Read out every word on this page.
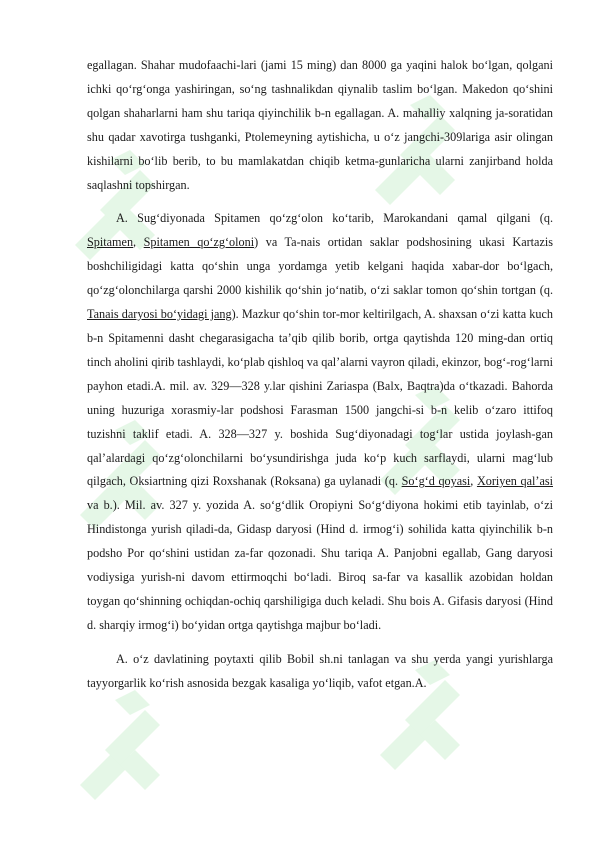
egallagan. Shahar mudofaachi-lari (jami 15 ming) dan 8000 ga yaqini halok bo‘lgan, qolgani ichki qo‘rg‘onga yashiringan, so‘ng tashnalikdan qiynalib taslim bo‘lgan. Makedon qo‘shini qolgan shaharlarni ham shu tariqa qiyinchilik b-n egallagan. A. mahalliy xalqning ja-soratidan shu qadar xavotirga tushganki, Ptolemeyning aytishicha, u o‘z jangchi-309lariga asir olingan kishilarni bo‘lib berib, to bu mamlakatdan chiqib ketma-gunlaricha ularni zanjirband holda saqlashni topshirgan.

A. Sug‘diyonada Spitamen qo‘zg‘olon ko‘tarib, Marokandani qamal qilgani (q. Spitamen, Spitamen qo‘zg‘oloni) va Ta-nais ortidan saklar podshosining ukasi Kartazis boshchiligidagi katta qo‘shin unga yordamga yetib kelgani haqida xabar-dor bo‘lgach, qo‘zg‘olonchilarga qarshi 2000 kishilik qo‘shin jo‘natib, o‘zi saklar tomon qo‘shin tortgan (q. Tanais daryosi bo‘yidagi jang). Mazkur qo‘shin tor-mor keltirilgach, A. shaxsan o‘zi katta kuch b-n Spitamenni dasht chegarasigacha ta’qib qilib borib, ortga qaytishda 120 ming-dan ortiq tinch aholini qirib tashlaydi, ko‘plab qishloq va qal’alarni vayron qiladi, ekinzor, bog‘-rog‘larni payhon etadi.A. mil. av. 329—328 y.lar qishini Zariaspa (Balx, Baqtra)da o‘tkazadi. Bahorda uning huzuriga xorasmiy-lar podshosi Farasman 1500 jangchi-si b-n kelib o‘zaro ittifoq tuzishni taklif etadi. A. 328—327 y. boshida Sug‘diyonadagi tog‘lar ustida joylash-gan qal’alardagi qo‘zg‘olonchilarni bo‘ysundirishga juda ko‘p kuch sarflaydi, ularni mag‘lub qilgach, Oksiartning qizi Roxshanak (Roksana) ga uylanadi (q. So‘g‘d qoyasi, Xoriyen qal’asi va b.). Mil. av. 327 y. yozida A. so‘g‘dlik Oropiyni So‘g‘diyona hokimi etib tayinlab, o‘zi Hindistonga yurish qiladi-da, Gidasp daryosi (Hind d. irmog‘i) sohilida katta qiyinchilik b-n podsho Por qo‘shini ustidan za-far qozonadi. Shu tariqa A. Panjobni egallab, Gang daryosi vodiysiga yurish-ni davom ettirmoqchi bo‘ladi. Biroq sa-far va kasallik azobidan holdan toygan qo‘shinning ochiqdan-ochiq qarshiligiga duch keladi. Shu bois A. Gifasis daryosi (Hind d. sharqiy irmog‘i) bo‘yidan ortga qaytishga majbur bo‘ladi.

A. o‘z davlatining poytaxti qilib Bobil sh.ni tanlagan va shu yerda yangi yurishlarga tayyorgarlik ko‘rish asnosida bezgak kasaliga yo‘liqib, vafot etgan.A.
